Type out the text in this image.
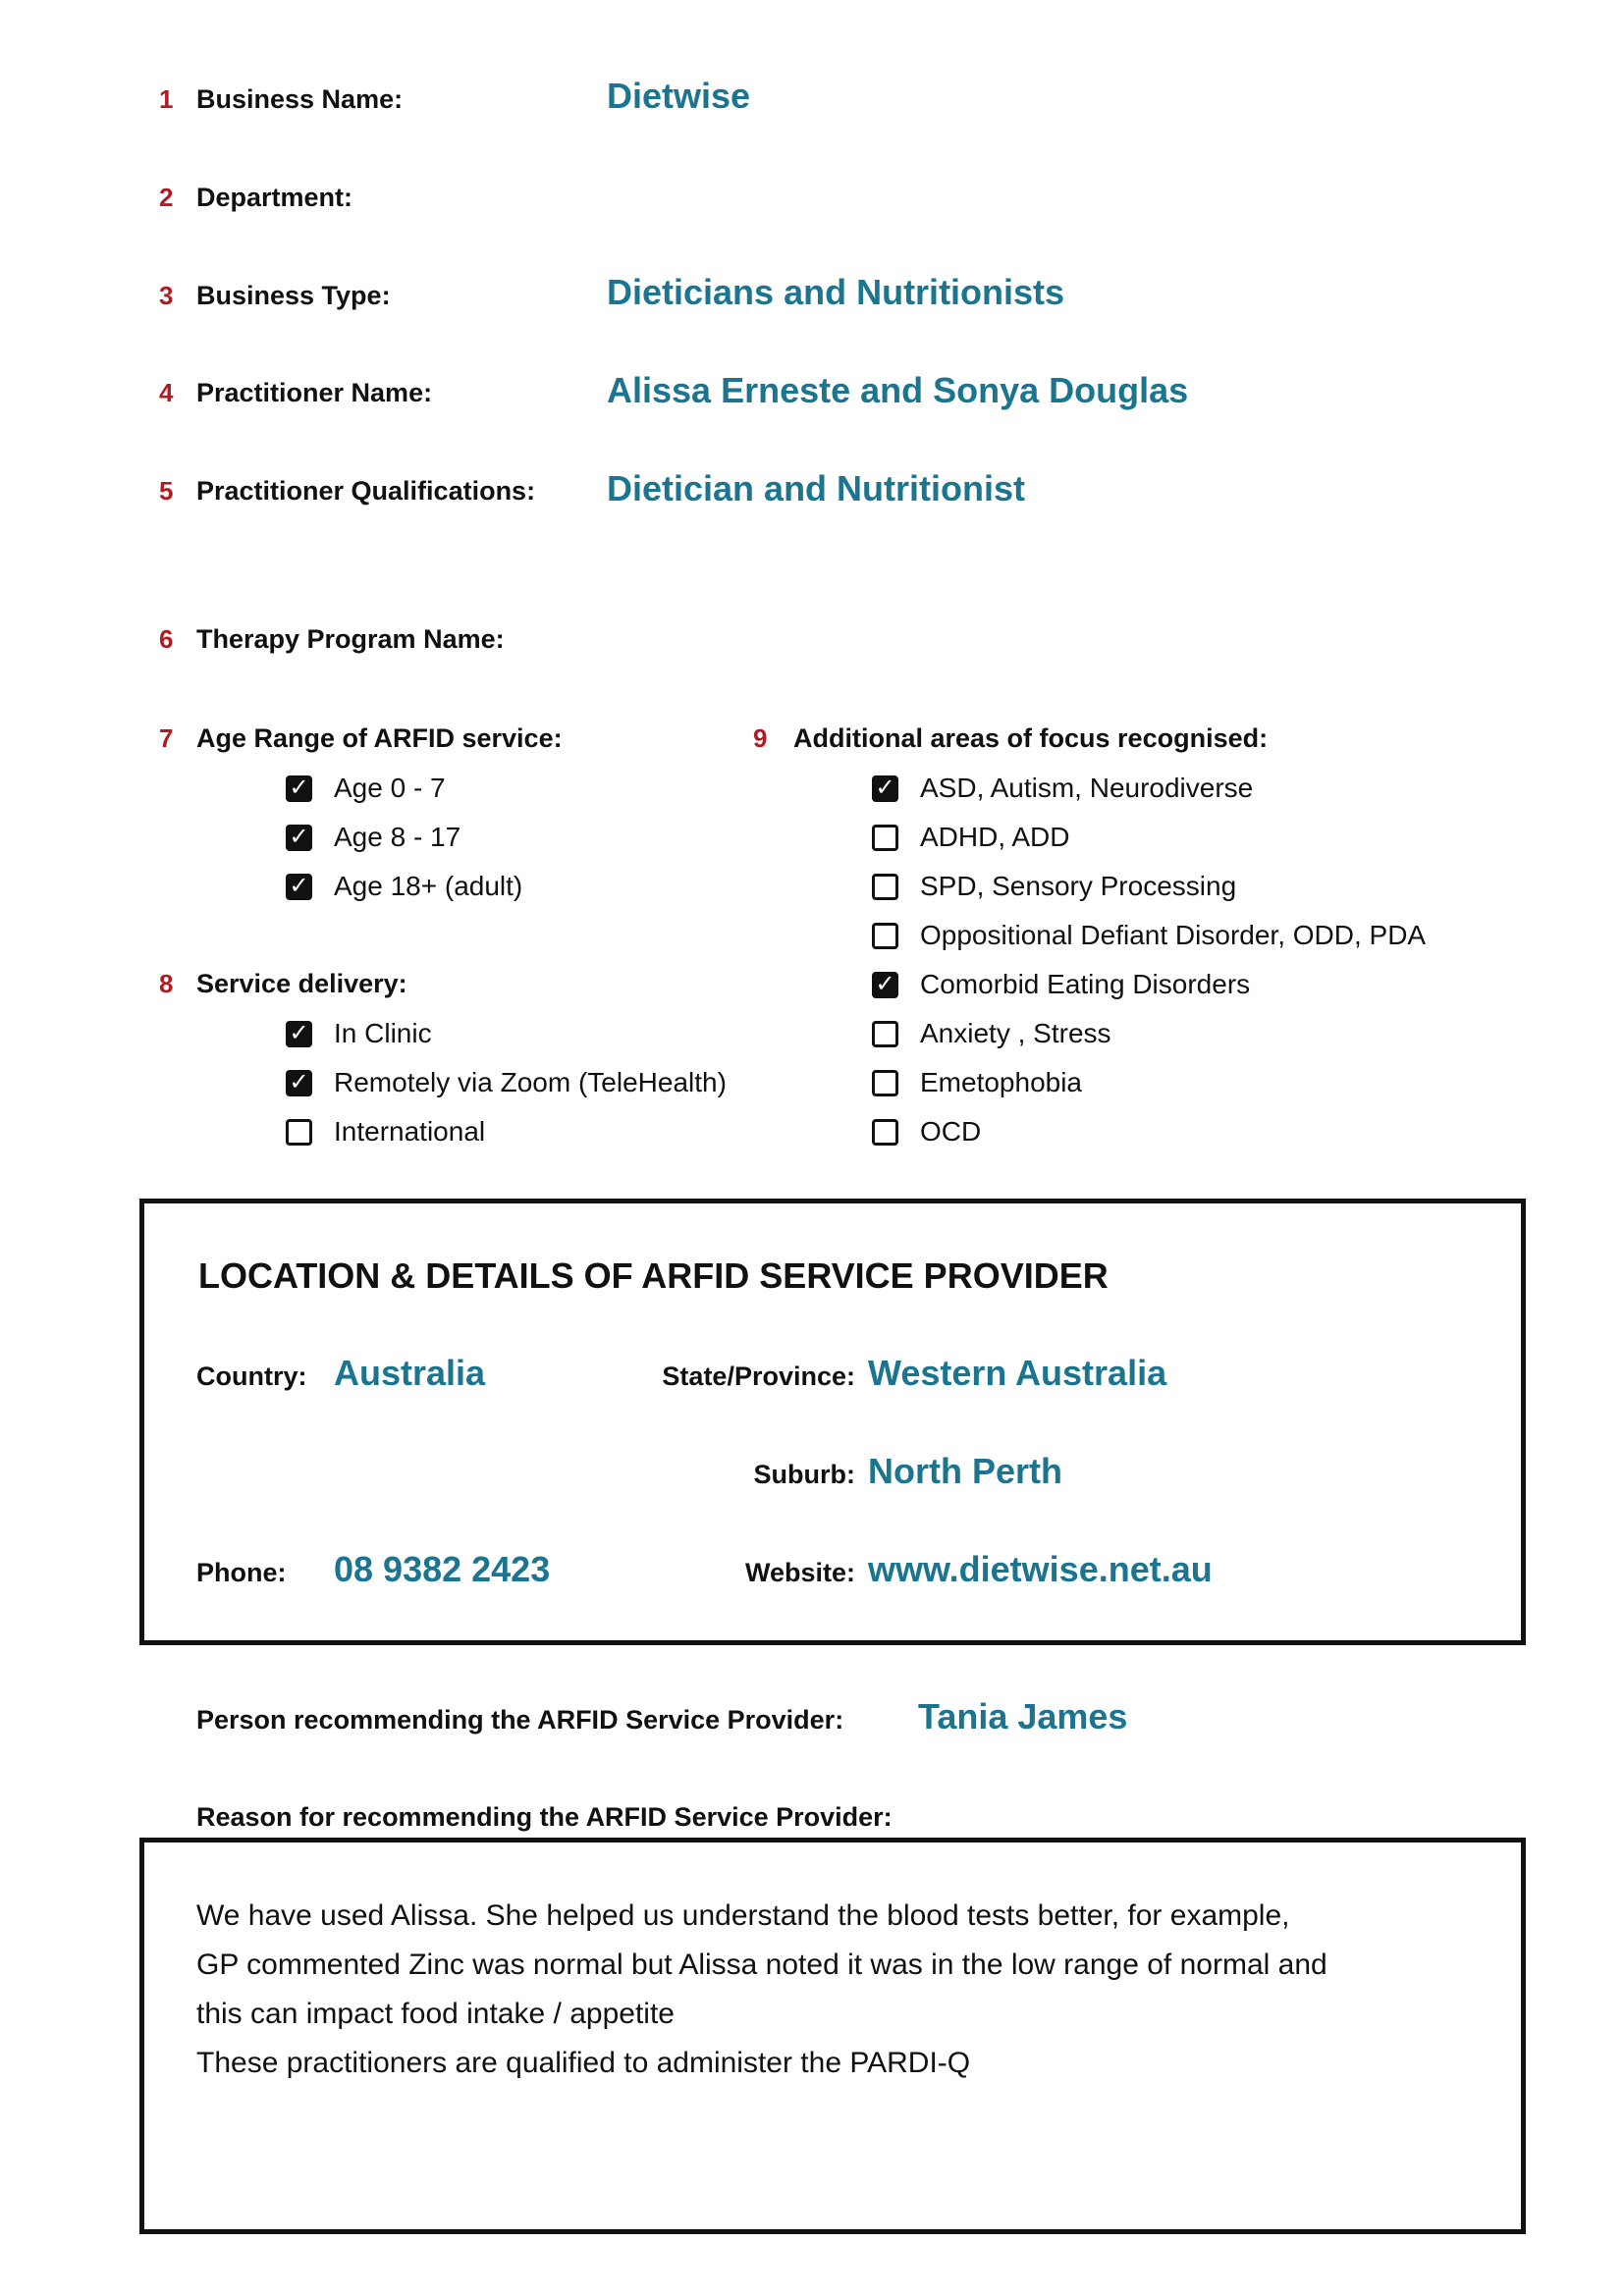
1 Business Name:	Dietwise
2 Department:
3 Business Type:	Dieticians and Nutritionists
4 Practitioner Name:	Alissa Erneste and Sonya Douglas
5 Practitioner Qualifications: Dietician and Nutritionist
6 Therapy Program Name:
7 Age Range of ARFID service:
✓ Age 0 - 7
✓ Age 8 - 17
✓ Age 18+ (adult)
8 Service delivery:
✓ In Clinic
✓ Remotely via Zoom (TeleHealth)
International
9 Additional areas of focus recognised:
✓ ASD, Autism, Neurodiverse
ADHD, ADD
SPD, Sensory Processing
Oppositional Defiant Disorder, ODD, PDA
✓ Comorbid Eating Disorders
Anxiety , Stress
Emetophobia
OCD
LOCATION & DETAILS OF ARFID SERVICE PROVIDER
Country: Australia	State/Province: Western Australia
Suburb: North Perth
Phone: 08 9382 2423	Website: www.dietwise.net.au
Person recommending the ARFID Service Provider: Tania James
Reason for recommending the ARFID Service Provider:
We have used Alissa. She helped us understand the blood tests better, for example,
GP commented Zinc was normal but Alissa noted it was in the low range of normal and
this can impact food intake / appetite
These practitioners are qualified to administer the PARDI-Q
